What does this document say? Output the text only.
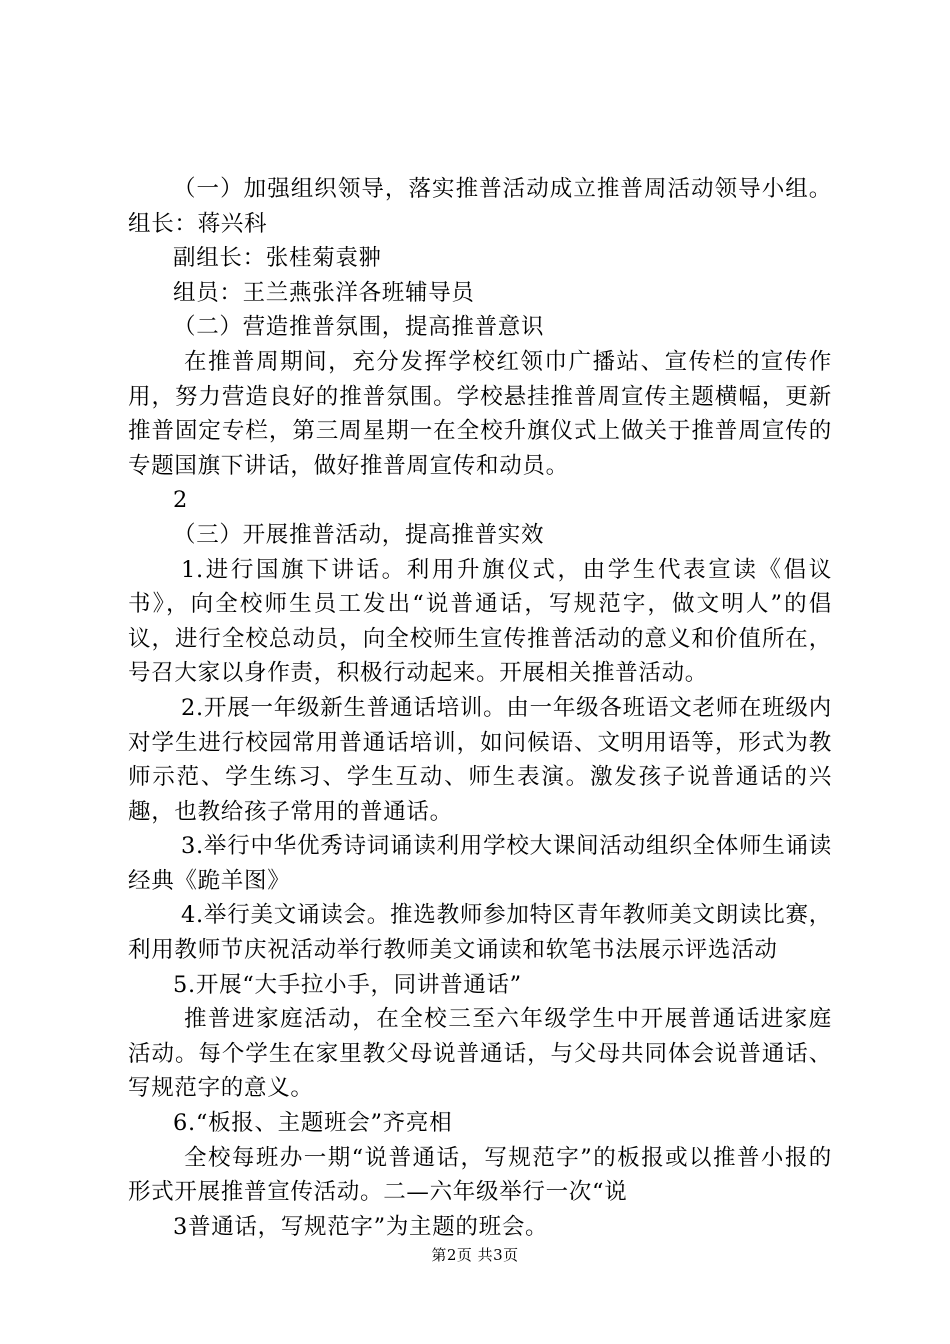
（一）加强组织领导，落实推普活动成立推普周活动领导小组。组长：蒋兴科

副组长：张桂菊袁翀

组员：王兰燕张洋各班辅导员

（二）营造推普氛围，提高推普意识

在推普周期间，充分发挥学校红领巾广播站、宣传栏的宣传作用，努力营造良好的推普氛围。学校悬挂推普周宣传主题横幅，更新推普固定专栏，第三周星期一在全校升旗仪式上做关于推普周宣传的专题国旗下讲话，做好推普周宣传和动员。

2

（三）开展推普活动，提高推普实效

1.进行国旗下讲话。利用升旗仪式，由学生代表宣读《倡议书》，向全校师生员工发出“说普通话，写规范字，做文明人”的倡议，进行全校总动员，向全校师生宣传推普活动的意义和价值所在，号召大家以身作责，积极行动起来。开展相关推普活动。

2.开展一年级新生普通话培训。由一年级各班语文老师在班级内对学生进行校园常用普通话培训，如问候语、文明用语等，形式为教师示范、学生练习、学生互动、师生表演。激发孩子说普通话的兴趣，也教给孩子常用的普通话。

3.举行中华优秀诗词诵读利用学校大课间活动组织全体师生诵读经典《跪羊图》

4.举行美文诵读会。推选教师参加特区青年教师美文朗读比赛，利用教师节庆祝活动举行教师美文诵读和软笔书法展示评选活动

5.开展“大手拉小手，同讲普通话”

推普进家庭活动，在全校三至六年级学生中开展普通话进家庭活动。每个学生在家里教父母说普通话，与父母共同体会说普通话、写规范字的意义。

6.“板报、主题班会”齐亮相

全校每班办一期“说普通话，写规范字”的板报或以推普小报的形式开展推普宣传活动。二—六年级举行一次“说

3普通话，写规范字”为主题的班会。

第2页 共3页
